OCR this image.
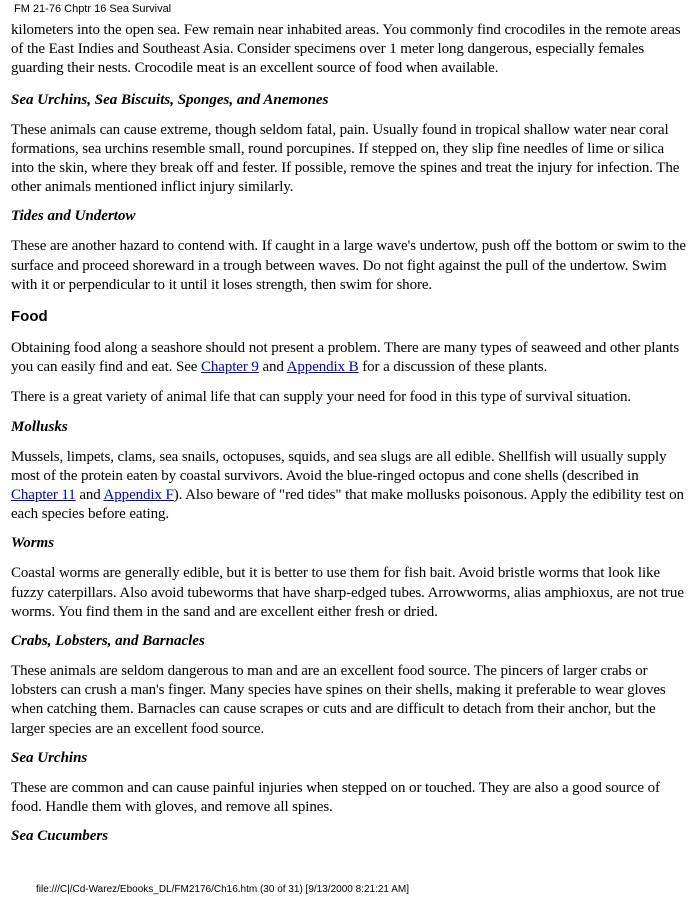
FM 21-76 Chptr 16 Sea Survival

kilometers into the open sea. Few remain near inhabited areas. You commonly find crocodiles in the remote areas of the East Indies and Southeast Asia. Consider specimens over 1 meter long dangerous, especially females guarding their nests. Crocodile meat is an excellent source of food when available.

Sea Urchins, Sea Biscuits, Sponges, and Anemones

These animals can cause extreme, though seldom fatal, pain. Usually found in tropical shallow water near coral formations, sea urchins resemble small, round porcupines. If stepped on, they slip fine needles of lime or silica into the skin, where they break off and fester. If possible, remove the spines and treat the injury for infection. The other animals mentioned inflict injury similarly.

Tides and Undertow

These are another hazard to contend with. If caught in a large wave's undertow, push off the bottom or swim to the surface and proceed shoreward in a trough between waves. Do not fight against the pull of the undertow. Swim with it or perpendicular to it until it loses strength, then swim for shore.

Food

Obtaining food along a seashore should not present a problem. There are many types of seaweed and other plants you can easily find and eat. See Chapter 9 and Appendix B for a discussion of these plants.

There is a great variety of animal life that can supply your need for food in this type of survival situation.

Mollusks

Mussels, limpets, clams, sea snails, octopuses, squids, and sea slugs are all edible. Shellfish will usually supply most of the protein eaten by coastal survivors. Avoid the blue-ringed octopus and cone shells (described in Chapter 11 and Appendix F). Also beware of "red tides" that make mollusks poisonous. Apply the edibility test on each species before eating.

Worms

Coastal worms are generally edible, but it is better to use them for fish bait. Avoid bristle worms that look like fuzzy caterpillars. Also avoid tubeworms that have sharp-edged tubes. Arrowworms, alias amphioxus, are not true worms. You find them in the sand and are excellent either fresh or dried.

Crabs, Lobsters, and Barnacles

These animals are seldom dangerous to man and are an excellent food source. The pincers of larger crabs or lobsters can crush a man's finger. Many species have spines on their shells, making it preferable to wear gloves when catching them. Barnacles can cause scrapes or cuts and are difficult to detach from their anchor, but the larger species are an excellent food source.

Sea Urchins

These are common and can cause painful injuries when stepped on or touched. They are also a good source of food. Handle them with gloves, and remove all spines.

Sea Cucumbers
file:///C|/Cd-Warez/Ebooks_DL/FM2176/Ch16.htm (30 of 31) [9/13/2000 8:21:21 AM]
